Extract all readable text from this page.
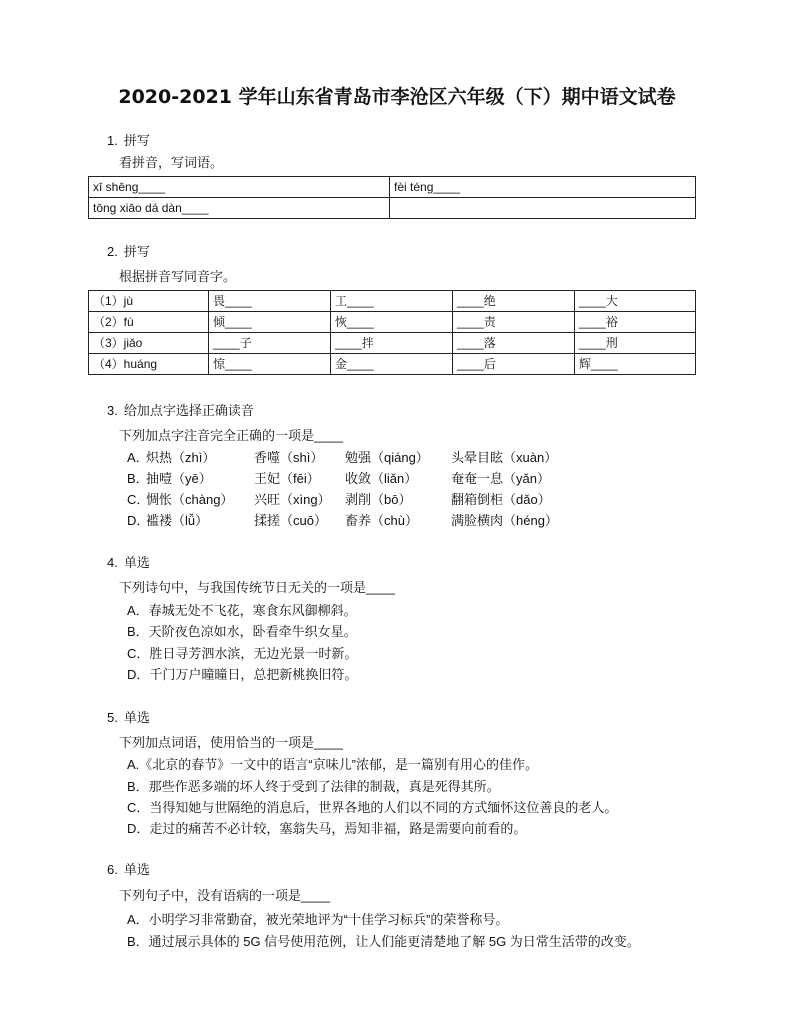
2020-2021 学年山东省青岛市李沧区六年级（下）期中语文试卷
1. 拼写
看拼音，写词语。
xī shēng____	fèi téng____
tōng xiāo dá dàn____	
2. 拼写
根据拼音写同音字。
（1）jù	畏____	工____	____绝	____大
（2）fù	倾____	恢____	____责	____裕
（3）jiǎo	____子	____拌	____落	____刑
（4）huáng	惊____	金____	____后	辉____
3. 给加点字选择正确读音
下列加点字注音完全正确的一项是____
A．
炽热（zhì）	香噬（shì） 勉强（qiáng） 头晕目眩（xuàn）
B．
抽噎（yē）	王妃（fēi） 收敛（liǎn）	奄奄一息（yǎn）
C．
惆怅（chàng） 兴旺（xìng） 剥削（bō）	翻箱倒柜（dǎo）
D．
褴褛（lǚ）	揉搓（cuō） 畜养（chù）	满脸横肉（héng）
4. 单选
下列诗句中，与我国传统节日无关的一项是____
A．春城无处不飞花，寒食东风御柳斜。
B．天阶夜色凉如水，卧看牵牛织女星。
C．胜日寻芳泗水滨，无边光景一时新。
D．千门万户曈曈日，总把新桃换旧符。
5. 单选
下列加点词语，使用恰当的一项是____
A.《北京的春节》一文中的语言“京味儿”浓郁，是一篇别有用心的佳作。
B．那些作恶多端的坏人终于受到了法律的制裁，真是死得其所。
C．当得知她与世隔绝的消息后，世界各地的人们以不同的方式缅怀这位善良的老人。
D．走过的痛苦不必计较，塞翁失马，焉知非福，路是需要向前看的。
6. 单选
下列句子中，没有语病的一项是____
A．小明学习非常勤奋，被光荣地评为“十佳学习标兵”的荣誉称号。
B．通过展示具体的 5G 信号使用范例，让人们能更清楚地了解 5G 为日常生活带的改变。
